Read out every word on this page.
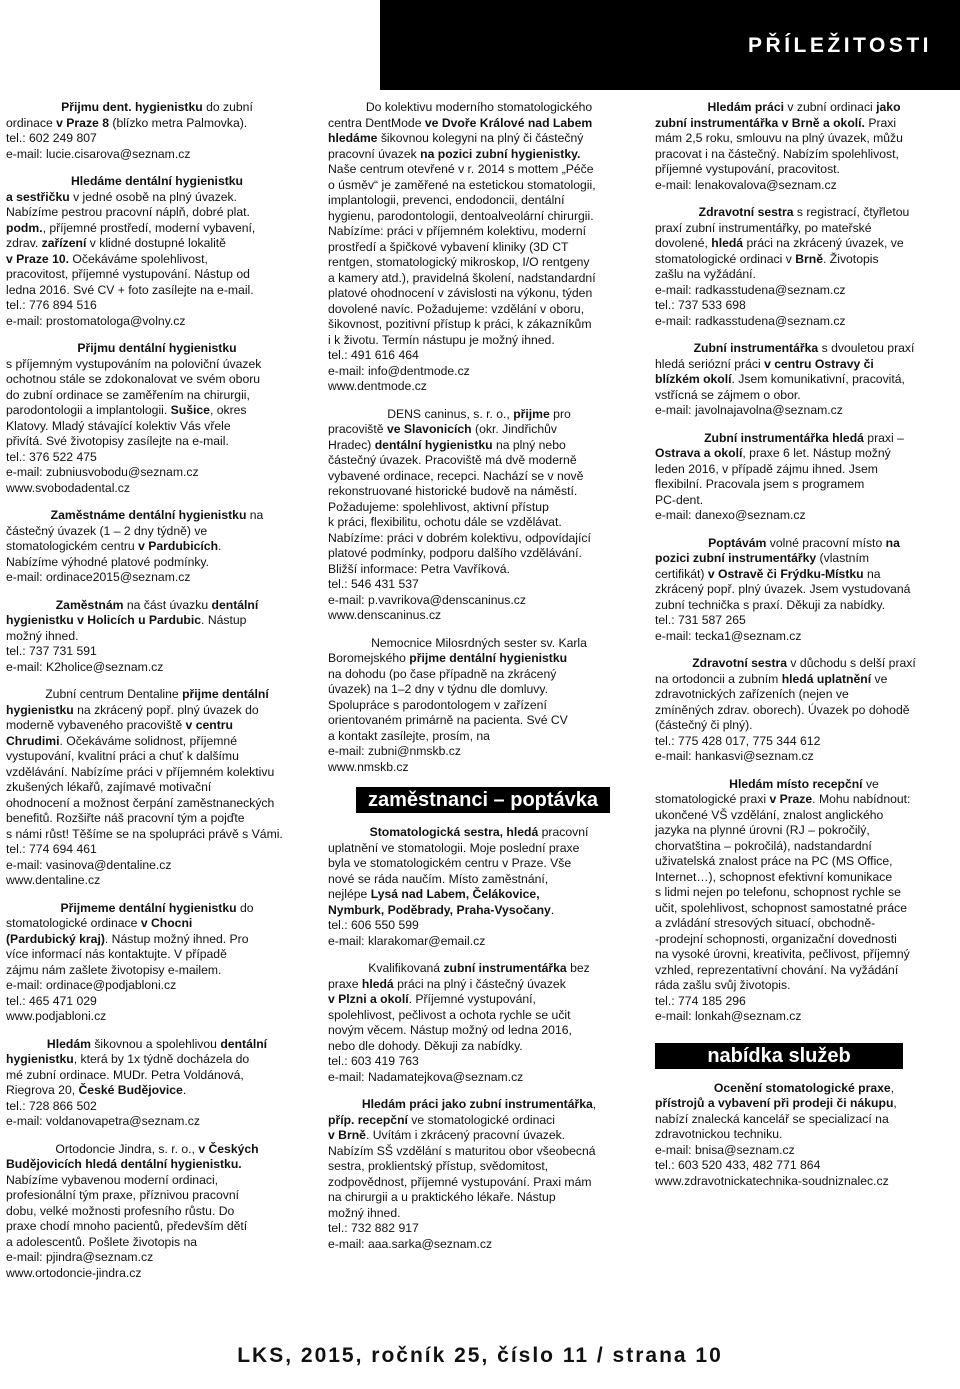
PŘÍLEŽITOSTI

Přijmu dent. hygienistku do zubní

ordinace v Praze 8 (blízko metra Palmovka).

tel.: 602 249 807

e-mail: lucie.cisarova@seznam.cz

Hledáme dentální hygienistku

a sestřičku v jedné osobě na plný úvazek.

Nabízíme pestrou pracovní náplň, dobré plat.

podm., příjemné prostředí, moderní vybavení,

zdrav. zařízení v klidné dostupné lokalitě

v Praze 10. Očekáváme spolehlivost,

pracovitost, příjemné vystupování. Nástup od

ledna 2016. Své CV + foto zasílejte na e-mail.

tel.: 776 894 516

e-mail: prostomatologa@volny.cz

Přijmu dentální hygienistku

s příjemným vystupováním na poloviční úvazek

ochotnou stále se zdokonalovat ve svém oboru

do zubní ordinace se zaměřením na chirurgii,

parodontologii a implantologii. Sušice, okres

Klatovy. Mladý stávající kolektiv Vás vřele

přivítá. Své životopisy zasílejte na e-mail.

tel.: 376 522 475

e-mail: zubniusvobodu@seznam.cz

www.svobodadental.cz

Zaměstnáme dentální hygienistku na

částečný úvazek (1 – 2 dny týdně) ve

stomatologickém centru v Pardubicích.

Nabízíme výhodné platové podmínky.

e-mail: ordinace2015@seznam.cz

Zaměstnám na část úvazku dentální

hygienistku v Holicích u Pardubic. Nástup

možný ihned.

tel.: 737 731 591

e-mail: K2holice@seznam.cz

Zubní centrum Dentaline přijme dentální

hygienistku na zkrácený popř. plný úvazek do

moderně vybaveného pracoviště v centru

Chrudimi. Očekáváme solidnost, příjemné

vystupování, kvalitní práci a chuť k dalšímu

vzdělávání. Nabízíme práci v příjemném kolektivu

zkušených lékařů, zajímavé motivační

ohodnocení a možnost čerpání zaměstnaneckých

benefitů. Rozšiřte náš pracovní tým a pojďte

s námi růst! Těšíme se na spolupráci právě s Vámi.

tel.: 774 694 461

e-mail: vasinova@dentaline.cz

www.dentaline.cz

Přijmeme dentální hygienistku do

stomatologické ordinace v Chocni

(Pardubický kraj). Nástup možný ihned. Pro

více informací nás kontaktujte. V případě

zájmu nám zašlete životopisy e-mailem.

e-mail: ordinace@podjabloni.cz

tel.: 465 471 029

www.podjabloni.cz

Hledám šikovnou a spolehlivou dentální

hygienistku, která by 1x týdně docházela do

mé zubní ordinace. MUDr. Petra Voldánová,

Riegrova 20, České Budějovice.

tel.: 728 866 502

e-mail: voldanovapetra@seznam.cz

Ortodoncie Jindra, s. r. o., v Českých

Budějovicích hledá dentální hygienistku.

Nabízíme vybavenou moderní ordinaci,

profesionální tým praxe, příznivou pracovní

dobu, velké možnosti profesního růstu. Do

praxe chodí mnoho pacientů, především dětí

a adolescentů. Pošlete životopis na

e-mail: pjindra@seznam.cz

www.ortodoncie-jindra.cz

Do kolektivu moderního stomatologického

centra DentMode ve Dvoře Králové nad Labem

hledáme šikovnou kolegyni na plný či částečný

pracovní úvazek na pozici zubní hygienistky.

Naše centrum otevřené v r. 2014 s mottem „Péče

o úsměv“ je zaměřené na estetickou stomatologii,

implantologii, prevenci, endodoncii, dentální

hygienu, parodontologii, dentoalveolární chirurgii.

Nabízíme: práci v příjemném kolektivu, moderní

prostředí a špičkové vybavení kliniky (3D CT

rentgen, stomatologický mikroskop, I/O rentgeny

a kamery atd.), pravidelná školení, nadstandardní

platové ohodnocení v závislosti na výkonu, týden

dovolené navíc. Požadujeme: vzdělání v oboru,

šikovnost, pozitivní přístup k práci, k zákazníkům

i k životu. Termín nástupu je možný ihned.

tel.: 491 616 464

e-mail: info@dentmode.cz

www.dentmode.cz

DENS caninus, s. r. o., přijme pro

pracoviště ve Slavonicích (okr. Jindřichův

Hradec) dentální hygienistku na plný nebo

částečný úvazek. Pracoviště má dvě moderně

vybavené ordinace, recepci. Nachází se v nově

rekonstruované historické budově na náměstí.

Požadujeme: spolehlivost, aktivní přístup

k práci, flexibilitu, ochotu dále se vzdělávat.

Nabízíme: práci v dobrém kolektivu, odpovídající

platové podmínky, podporu dalšího vzdělávání.

Bližší informace: Petra Vavříková.

tel.: 546 431 537

e-mail: p.vavrikova@denscaninus.cz

www.denscaninus.cz

Nemocnice Milosrdných sester sv. Karla

Boromejského přijme dentální hygienistku

na dohodu (po čase případně na zkrácený

úvazek) na 1–2 dny v týdnu dle domluvy.

Spolupráce s parodontologem v zařízení

orientovaném primárně na pacienta. Své CV

a kontakt zasílejte, prosím, na

e-mail: zubni@nmskb.cz

www.nmskb.cz

zaměstnanci – poptávka

Stomatologická sestra, hledá pracovní

uplatnění ve stomatologii. Moje poslední praxe

byla ve stomatologickém centru v Praze. Vše

nové se ráda naučím. Místo zaměstnání,

nejlépe Lysá nad Labem, Čelákovice,

Nymburk, Poděbrady, Praha-Vysočany.

tel.: 606 550 599

e-mail: klarakomar@email.cz

Kvalifikovaná zubní instrumentářka bez

praxe hledá práci na plný i částečný úvazek

v Plzni a okolí. Příjemné vystupování,

spolehlivost, pečlivost a ochota rychle se učit

novým věcem. Nástup možný od ledna 2016,

nebo dle dohody. Děkuji za nabídky.

tel.: 603 419 763

e-mail: Nadamatejkova@seznam.cz

Hledám práci jako zubní instrumentářka,

příp. recepční ve stomatologické ordinaci

v Brně. Uvítám i zkrácený pracovní úvazek.

Nabízím SŠ vzdělání s maturitou obor všeobecná

sestra, proklientský přístup, svědomitost,

zodpovědnost, příjemné vystupování. Praxi mám

na chirurgii a u praktického lékaře. Nástup

možný ihned.

tel.: 732 882 917

e-mail: aaa.sarka@seznam.cz

Hledám práci v zubní ordinaci jako

zubní instrumentářka v Brně a okolí. Praxi

mám 2,5 roku, smlouvu na plný úvazek, můžu

pracovat i na částečný. Nabízím spolehlivost,

příjemné vystupování, pracovitost.

e-mail: lenakovalova@seznam.cz

Zdravotní sestra s registrací, čtyřletou

praxí zubní instrumentářky, po mateřské

dovolené, hledá práci na zkrácený úvazek, ve

stomatologické ordinaci v Brně. Životopis

zašlu na vyžádání.

e-mail: radkasstudena@seznam.cz

tel.: 737 533 698

e-mail: radkasstudena@seznam.cz

Zubní instrumentářka s dvouletou praxí

hledá seriózní práci v centru Ostravy či

blízkém okolí. Jsem komunikativní, pracovitá,

vstřícná se zájmem o obor.

e-mail: javolnajavolna@seznam.cz

Zubní instrumentářka hledá praxi –

Ostrava a okolí, praxe 6 let. Nástup možný

leden 2016, v případě zájmu ihned. Jsem

flexibilní. Pracovala jsem s programem

PC-dent.

e-mail: danexo@seznam.cz

Poptávám volné pracovní místo na

pozici zubní instrumentářky (vlastním

certifikát) v Ostravě či Frýdku-Místku na

zkrácený popř. plný úvazek. Jsem vystudovaná

zubní technička s praxí. Děkuji za nabídky.

tel.: 731 587 265

e-mail: tecka1@seznam.cz

Zdravotní sestra v důchodu s delší praxí

na ortodoncii a zubním hledá uplatnění ve

zdravotnických zařízeních (nejen ve

zmíněných zdrav. oborech). Úvazek po dohodě

(částečný či plný).

tel.: 775 428 017, 775 344 612

e-mail: hankasvi@seznam.cz

Hledám místo recepční ve

stomatologické praxi v Praze. Mohu nabídnout:

ukončené VŠ vzdělání, znalost anglického

jazyka na plynné úrovni (RJ – pokročilý,

chorvatština – pokročilá), nadstandardní

uživatelská znalost práce na PC (MS Office,

Internet…), schopnost efektivní komunikace

s lidmi nejen po telefonu, schopnost rychle se

učit, spolehlivost, schopnost samostatné práce

a zvládání stresových situací, obchodně-

-prodejní schopnosti, organizační dovednosti

na vysoké úrovni, kreativita, pečlivost, příjemný

vzhled, reprezentativní chování. Na vyžádání

ráda zašlu svůj životopis.

tel.: 774 185 296

e-mail: lonkah@seznam.cz

nabídka služeb

Ocenění stomatologické praxe,

přístrojů a vybavení při prodeji či nákupu,

nabízí znalecká kancelář se specializací na

zdravotnickou techniku.

e-mail: bnisa@seznam.cz

tel.: 603 520 433, 482 771 864

www.zdravotnickatechnika-soudniznalec.cz

LKS, 2015, ročník 25, číslo 11 / strana 10
